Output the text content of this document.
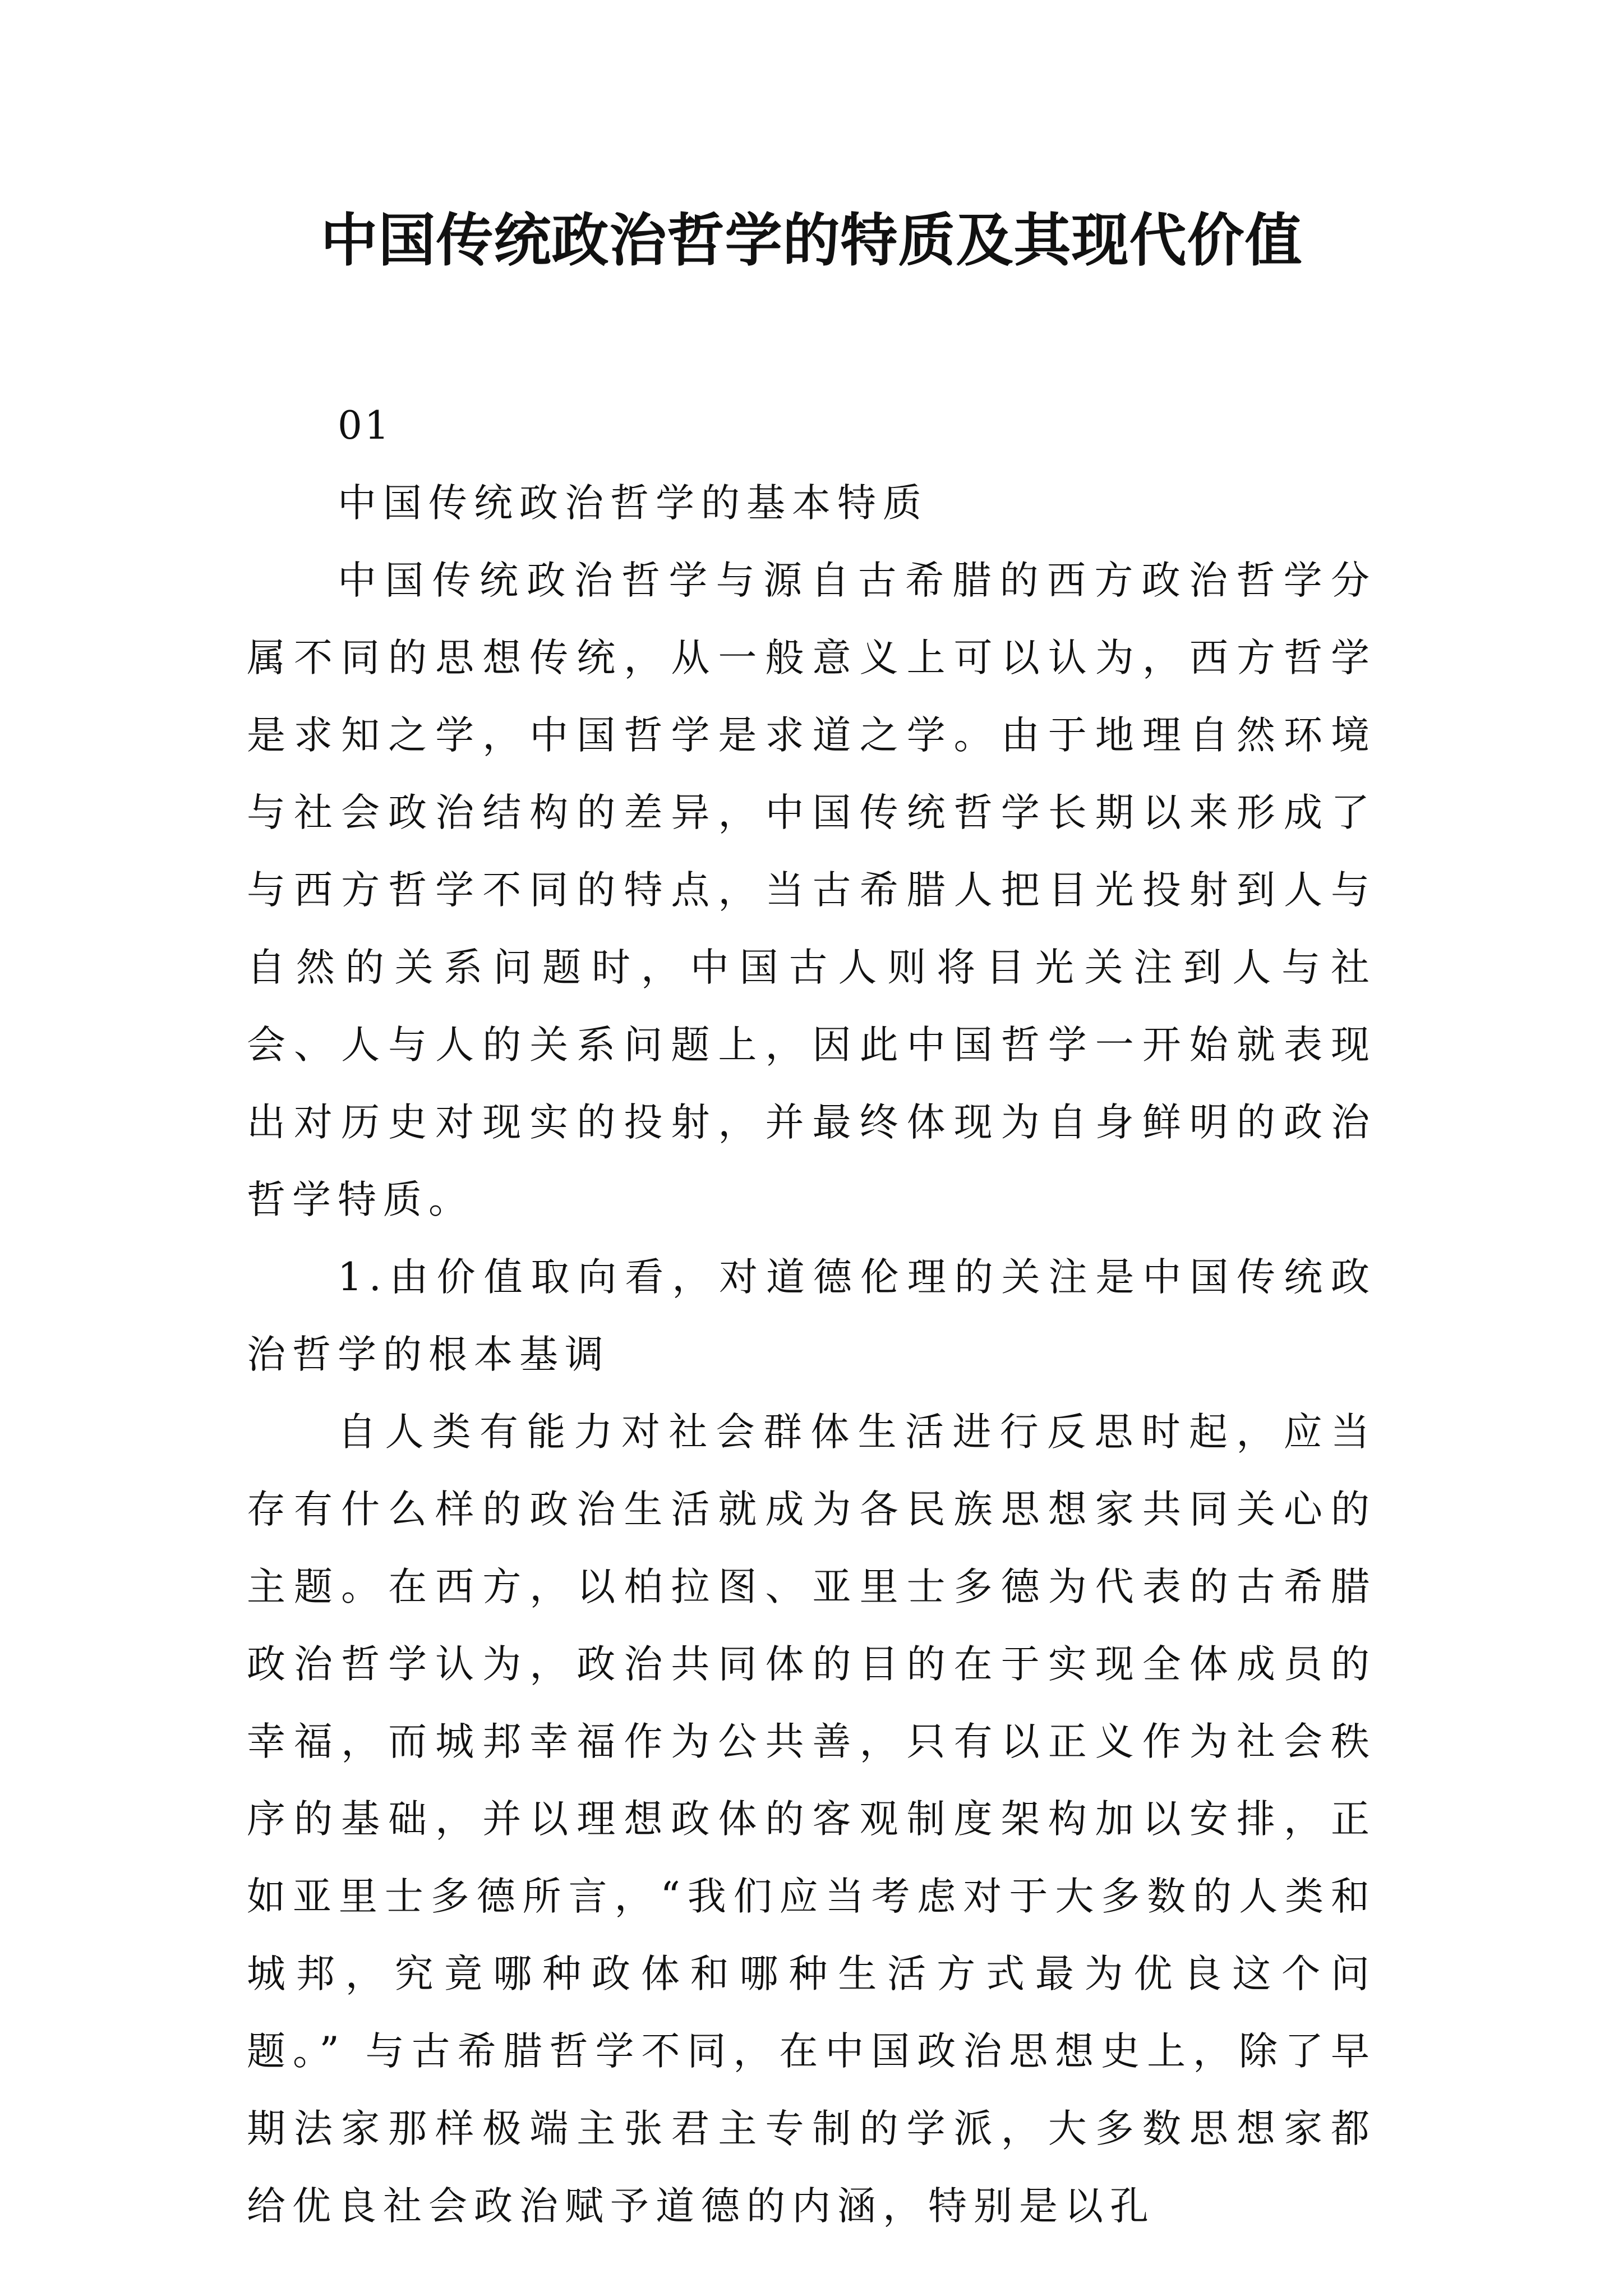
中国传统政治哲学的特质及其现代价值

01

中国传统政治哲学的基本特质

中国传统政治哲学与源自古希腊的西方政治哲学分属不同的思想传统，从一般意义上可以认为，西方哲学是求知之学，中国哲学是求道之学。由于地理自然环境与社会政治结构的差异，中国传统哲学长期以来形成了与西方哲学不同的特点，当古希腊人把目光投射到人与自然的关系问题时，中国古人则将目光关注到人与社会、人与人的关系问题上，因此中国哲学一开始就表现出对历史对现实的投射，并最终体现为自身鲜明的政治哲学特质。

1.由价值取向看，对道德伦理的关注是中国传统政治哲学的根本基调

自人类有能力对社会群体生活进行反思时起，应当存有什么样的政治生活就成为各民族思想家共同关心的主题。在西方，以柏拉图、亚里士多德为代表的古希腊政治哲学认为，政治共同体的目的在于实现全体成员的幸福，而城邦幸福作为公共善，只有以正义作为社会秩序的基础，并以理想政体的客观制度架构加以安排，正如亚里士多德所言，“我们应当考虑对于大多数的人类和城邦，究竟哪种政体和哪种生活方式最为优良这个问题。” 与古希腊哲学不同，在中国政治思想史上，除了早期法家那样极端主张君主专制的学派，大多数思想家都给优良社会政治赋予道德的内涵，特别是以孔
